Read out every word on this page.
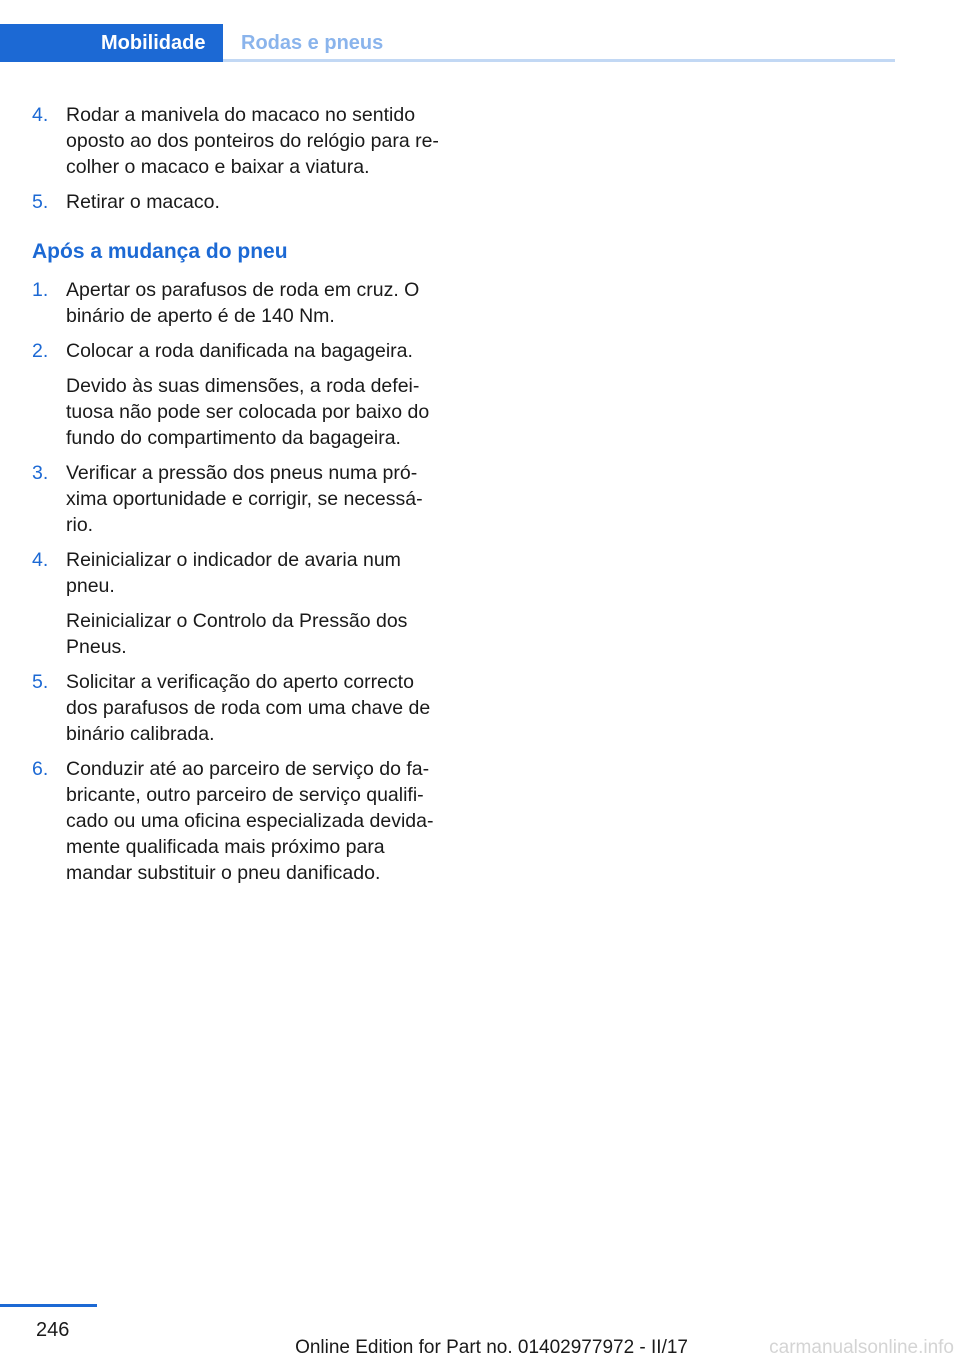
Mobilidade	Rodas e pneus
4. Rodar a manivela do macaco no sentido
oposto ao dos ponteiros do relógio para re-
colher o macaco e baixar a viatura.
5. Retirar o macaco.
Após a mudança do pneu
1. Apertar os parafusos de roda em cruz. O
binário de aperto é de 140 Nm.
2. Colocar a roda danificada na bagageira.
Devido às suas dimensões, a roda defei-
tuosa não pode ser colocada por baixo do
fundo do compartimento da bagageira.
3. Verificar a pressão dos pneus numa pró-
xima oportunidade e corrigir, se necessá-
rio.
4. Reinicializar o indicador de avaria num
pneu.
Reinicializar o Controlo da Pressão dos
Pneus.
5. Solicitar a verificação do aperto correcto
dos parafusos de roda com uma chave de
binário calibrada.
6. Conduzir até ao parceiro de serviço do fa-
bricante, outro parceiro de serviço qualifi-
cado ou uma oficina especializada devida-
mente qualificada mais próximo para
mandar substituir o pneu danificado.
246
Online Edition for Part no. 01402977972 - II/17	carmanualsonline.info
